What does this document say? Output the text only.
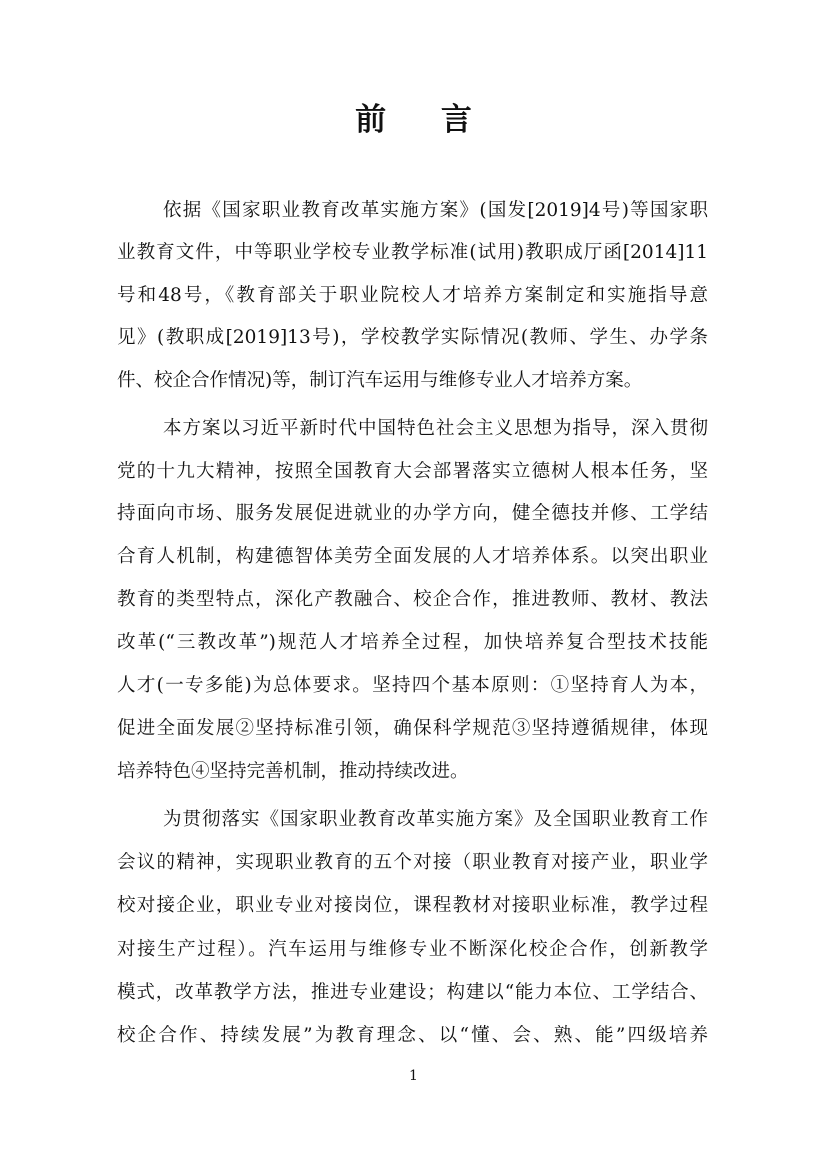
前 言

依据《国家职业教育改革实施方案》(国发[2019]4号)等国家职

业教育文件，中等职业学校专业教学标准(试用)教职成厅函[2014]11

号和48号，《教育部关于职业院校人才培养方案制定和实施指导意

见》(教职成[2019]13号)，学校教学实际情况(教师、学生、办学条

件、校企合作情况)等，制订汽车运用与维修专业人才培养方案。

本方案以习近平新时代中国特色社会主义思想为指导，深入贯彻

党的十九大精神，按照全国教育大会部署落实立德树人根本任务，坚

持面向市场、服务发展促进就业的办学方向，健全德技并修、工学结

合育人机制，构建德智体美劳全面发展的人才培养体系。以突出职业

教育的类型特点，深化产教融合、校企合作，推进教师、教材、教法

改革(“三教改革”)规范人才培养全过程，加快培养复合型技术技能

人才(一专多能)为总体要求。坚持四个基本原则：①坚持育人为本，

促进全面发展②坚持标准引领，确保科学规范③坚持遵循规律，体现

培养特色④坚持完善机制，推动持续改进。

为贯彻落实《国家职业教育改革实施方案》及全国职业教育工作

会议的精神，实现职业教育的五个对接（职业教育对接产业，职业学

校对接企业，职业专业对接岗位，课程教材对接职业标准，教学过程

对接生产过程）。汽车运用与维修专业不断深化校企合作，创新教学

模式，改革教学方法，推进专业建设；构建以“能力本位、工学结合、

校企合作、持续发展”为教育理念、以“懂、会、熟、能”四级培养

1
